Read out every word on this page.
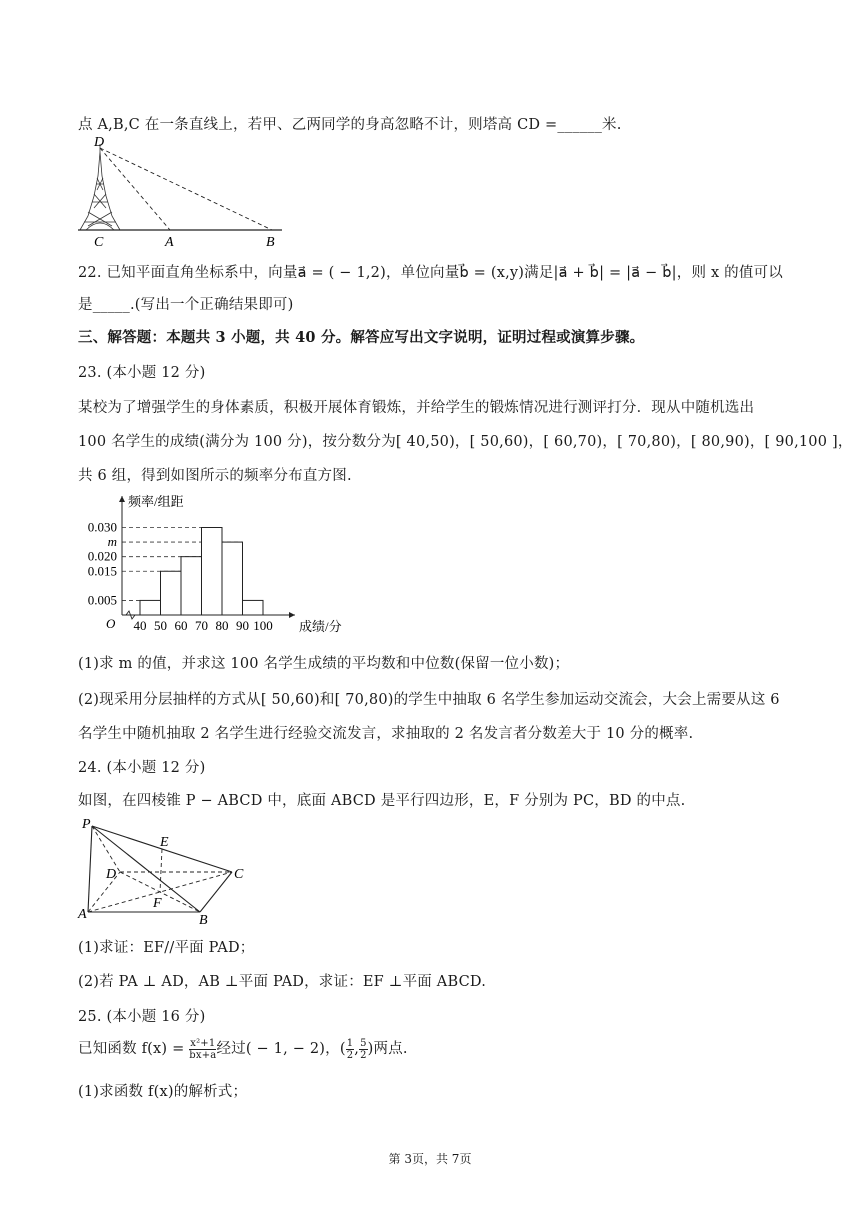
点 A,B,C 在一条直线上，若甲、乙两同学的身高忽略不计，则塔高 CD =______米.
D
C	A	B
22. 已知平面直角坐标系中，向量a⃗ = ( − 1,2)，单位向量b⃗ = (x,y)满足|a⃗ + b⃗| = |a⃗ − b⃗|，则 x 的值可以
是_____.(写出一个正确结果即可)
三、解答题：本题共 3 小题，共 40 分。解答应写出文字说明，证明过程或演算步骤。
23. (本小题 12 分)
某校为了增强学生的身体素质，积极开展体育锻炼，并给学生的锻炼情况进行测评打分．现从中随机选出
100 名学生的成绩(满分为 100 分)，按分数分为[ 40,50)，[ 50,60)，[ 60,70)，[ 70,80)，[ 80,90)，[ 90,100 ]，
共 6 组，得到如图所示的频率分布直方图.
0.030
m
0.020
0.015
0.005
40 50 60 70 80 90 100
O
频率/组距
成绩/分
(1)求 m 的值，并求这 100 名学生成绩的平均数和中位数(保留一位小数)；
(2)现采用分层抽样的方式从[ 50,60)和[ 70,80)的学生中抽取 6 名学生参加运动交流会，大会上需要从这 6
名学生中随机抽取 2 名学生进行经验交流发言，求抽取的 2 名发言者分数差大于 10 分的概率.
24. (本小题 12 分)
如图，在四棱锥 P − ABCD 中，底面 ABCD 是平行四边形，E，F 分别为 PC，BD 的中点.
P
E
D	C
F
A	B
(1)求证：EF//平面 PAD；
(2)若 PA ⊥ AD，AB ⊥平面 PAD，求证：EF ⊥平面 ABCD.
25. (本小题 16 分)
已知函数 $f(x) = \frac{\text{x²+1}}{bx+a}$ 经过( − 1, − 2)，( $\frac{1}{2}$ , $\frac{5}{2}$ )两点.
(1)求函数 f(x)的解析式；
第 3页，共 7页
